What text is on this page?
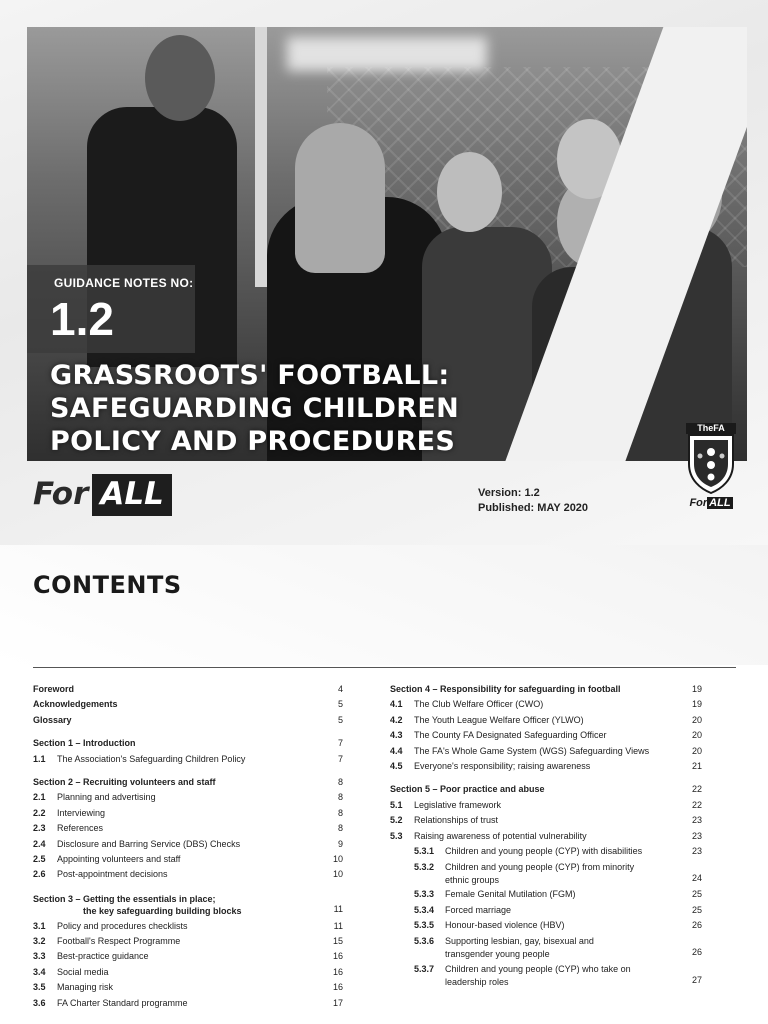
GUIDANCE NOTES NO:
1.2
GRASSROOTS' FOOTBALL:
SAFEGUARDING CHILDREN
POLICY AND PROCEDURES
For ALL	Version: 1.2
Published: MAY 2020
TheFA
For ALL
CONTENTS
Foreword	4
Acknowledgements	5
Glossary	5
Section 1 – Introduction	7
1.1 The Association's Safeguarding Children Policy	7
Section 2 – Recruiting volunteers and staff	8
2.1 Planning and advertising	8
2.2 Interviewing	8
2.3 References	8
2.4 Disclosure and Barring Service (DBS) Checks	9
2.5 Appointing volunteers and staff	10
2.6 Post-appointment decisions	10
Section 3 – Getting the essentials in place;
the key safeguarding building blocks	11
3.1 Policy and procedures checklists	11
3.2 Football's Respect Programme	15
3.3 Best-practice guidance	16
3.4 Social media	16
3.5 Managing risk	16
3.6 FA Charter Standard programme	17
Section 4 – Responsibility for safeguarding in football	19
4.1 The Club Welfare Officer (CWO)	19
4.2 The Youth League Welfare Officer (YLWO)	20
4.3 The County FA Designated Safeguarding Officer	20
4.4 The FA's Whole Game System (WGS) Safeguarding Views	20
4.5 Everyone's responsibility; raising awareness	21
Section 5 – Poor practice and abuse	22
5.1 Legislative framework	22
5.2 Relationships of trust	23
5.3 Raising awareness of potential vulnerability	23
5.3.1 Children and young people (CYP) with disabilities	23
5.3.2 Children and young people (CYP) from minority ethnic groups	24
5.3.3 Female Genital Mutilation (FGM)	25
5.3.4 Forced marriage	25
5.3.5 Honour-based violence (HBV)	26
5.3.6 Supporting lesbian, gay, bisexual and transgender young people	26
5.3.7 Children and young people (CYP) who take on leadership roles	27
